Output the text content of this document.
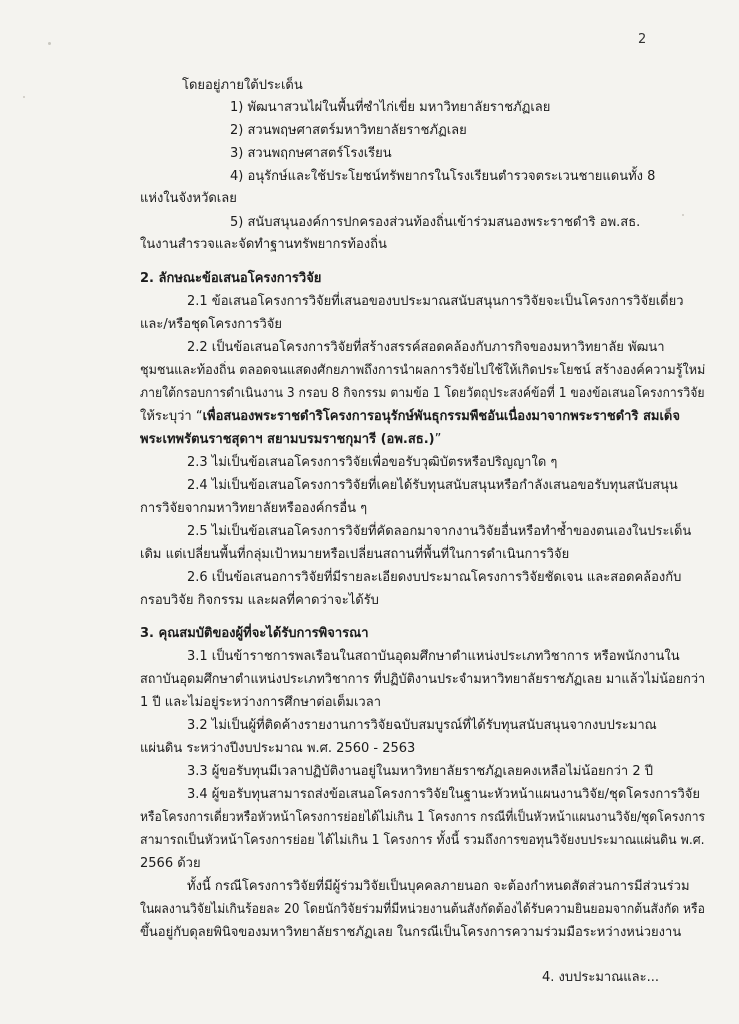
2
โดยอยู่ภายใต้ประเด็น
1) พัฒนาสวนไผ่ในพื้นที่ซำไก่เขี่ย มหาวิทยาลัยราชภัฏเลย
2) สวนพฤษศาสตร์มหาวิทยาลัยราชภัฏเลย
3) สวนพฤกษศาสตร์โรงเรียน
4) อนุรักษ์และใช้ประโยชน์ทรัพยากรในโรงเรียนตำรวจตระเวนชายแดนทั้ง 8
แห่งในจังหวัดเลย
5) สนับสนุนองค์การปกครองส่วนท้องถิ่นเข้าร่วมสนองพระราชดำริ อพ.สธ.
ในงานสำรวจและจัดทำฐานทรัพยากรท้องถิ่น
2. ลักษณะข้อเสนอโครงการวิจัย
2.1 ข้อเสนอโครงการวิจัยที่เสนอของบประมาณสนับสนุนการวิจัยจะเป็นโครงการวิจัยเดี่ยว
และ/หรือชุดโครงการวิจัย
2.2 เป็นข้อเสนอโครงการวิจัยที่สร้างสรรค์สอดคล้องกับภารกิจของมหาวิทยาลัย พัฒนา
ชุมชนและท้องถิ่น ตลอดจนแสดงศักยภาพถึงการนำผลการวิจัยไปใช้ให้เกิดประโยชน์ สร้างองค์ความรู้ใหม่
ภายใต้กรอบการดำเนินงาน 3 กรอบ 8 กิจกรรม ตามข้อ 1 โดยวัตถุประสงค์ข้อที่ 1 ของข้อเสนอโครงการวิจัย
ให้ระบุว่า “เพื่อสนองพระราชดำริโครงการอนุรักษ์พันธุกรรมพืชอันเนื่องมาจากพระราชดำริ สมเด็จ
พระเทพรัตนราชสุดาฯ สยามบรมราชกุมารี (อพ.สธ.)”
2.3 ไม่เป็นข้อเสนอโครงการวิจัยเพื่อขอรับวุฒิบัตรหรือปริญญาใด ๆ
2.4 ไม่เป็นข้อเสนอโครงการวิจัยที่เคยได้รับทุนสนับสนุนหรือกำลังเสนอขอรับทุนสนับสนุน
การวิจัยจากมหาวิทยาลัยหรือองค์กรอื่น ๆ
2.5 ไม่เป็นข้อเสนอโครงการวิจัยที่คัดลอกมาจากงานวิจัยอื่นหรือทำซ้ำของตนเองในประเด็น
เดิม แต่เปลี่ยนพื้นที่กลุ่มเป้าหมายหรือเปลี่ยนสถานที่พื้นที่ในการดำเนินการวิจัย
2.6 เป็นข้อเสนอการวิจัยที่มีรายละเอียดงบประมาณโครงการวิจัยชัดเจน และสอดคล้องกับ
กรอบวิจัย กิจกรรม และผลที่คาดว่าจะได้รับ
3. คุณสมบัติของผู้ที่จะได้รับการพิจารณา
3.1 เป็นข้าราชการพลเรือนในสถาบันอุดมศึกษาตำแหน่งประเภทวิชาการ หรือพนักงานใน
สถาบันอุดมศึกษาตำแหน่งประเภทวิชาการ ที่ปฏิบัติงานประจำมหาวิทยาลัยราชภัฏเลย มาแล้วไม่น้อยกว่า
1 ปี และไม่อยู่ระหว่างการศึกษาต่อเต็มเวลา
3.2 ไม่เป็นผู้ที่ติดค้างรายงานการวิจัยฉบับสมบูรณ์ที่ได้รับทุนสนับสนุนจากงบประมาณ
แผ่นดิน ระหว่างปีงบประมาณ พ.ศ. 2560 - 2563
3.3 ผู้ขอรับทุนมีเวลาปฏิบัติงานอยู่ในมหาวิทยาลัยราชภัฏเลยคงเหลือไม่น้อยกว่า 2 ปี
3.4 ผู้ขอรับทุนสามารถส่งข้อเสนอโครงการวิจัยในฐานะหัวหน้าแผนงานวิจัย/ชุดโครงการวิจัย
หรือโครงการเดี่ยวหรือหัวหน้าโครงการย่อยได้ไม่เกิน 1 โครงการ กรณีที่เป็นหัวหน้าแผนงานวิจัย/ชุดโครงการ
สามารถเป็นหัวหน้าโครงการย่อย ได้ไม่เกิน 1 โครงการ ทั้งนี้ รวมถึงการขอทุนวิจัยงบประมาณแผ่นดิน พ.ศ.
2566 ด้วย
ทั้งนี้ กรณีโครงการวิจัยที่มีผู้ร่วมวิจัยเป็นบุคคลภายนอก จะต้องกำหนดสัดส่วนการมีส่วนร่วม
ในผลงานวิจัยไม่เกินร้อยละ 20 โดยนักวิจัยร่วมที่มีหน่วยงานต้นสังกัดต้องได้รับความยินยอมจากต้นสังกัด หรือ
ขึ้นอยู่กับดุลยพินิจของมหาวิทยาลัยราชภัฏเลย ในกรณีเป็นโครงการความร่วมมือระหว่างหน่วยงาน
4. งบประมาณและ...
